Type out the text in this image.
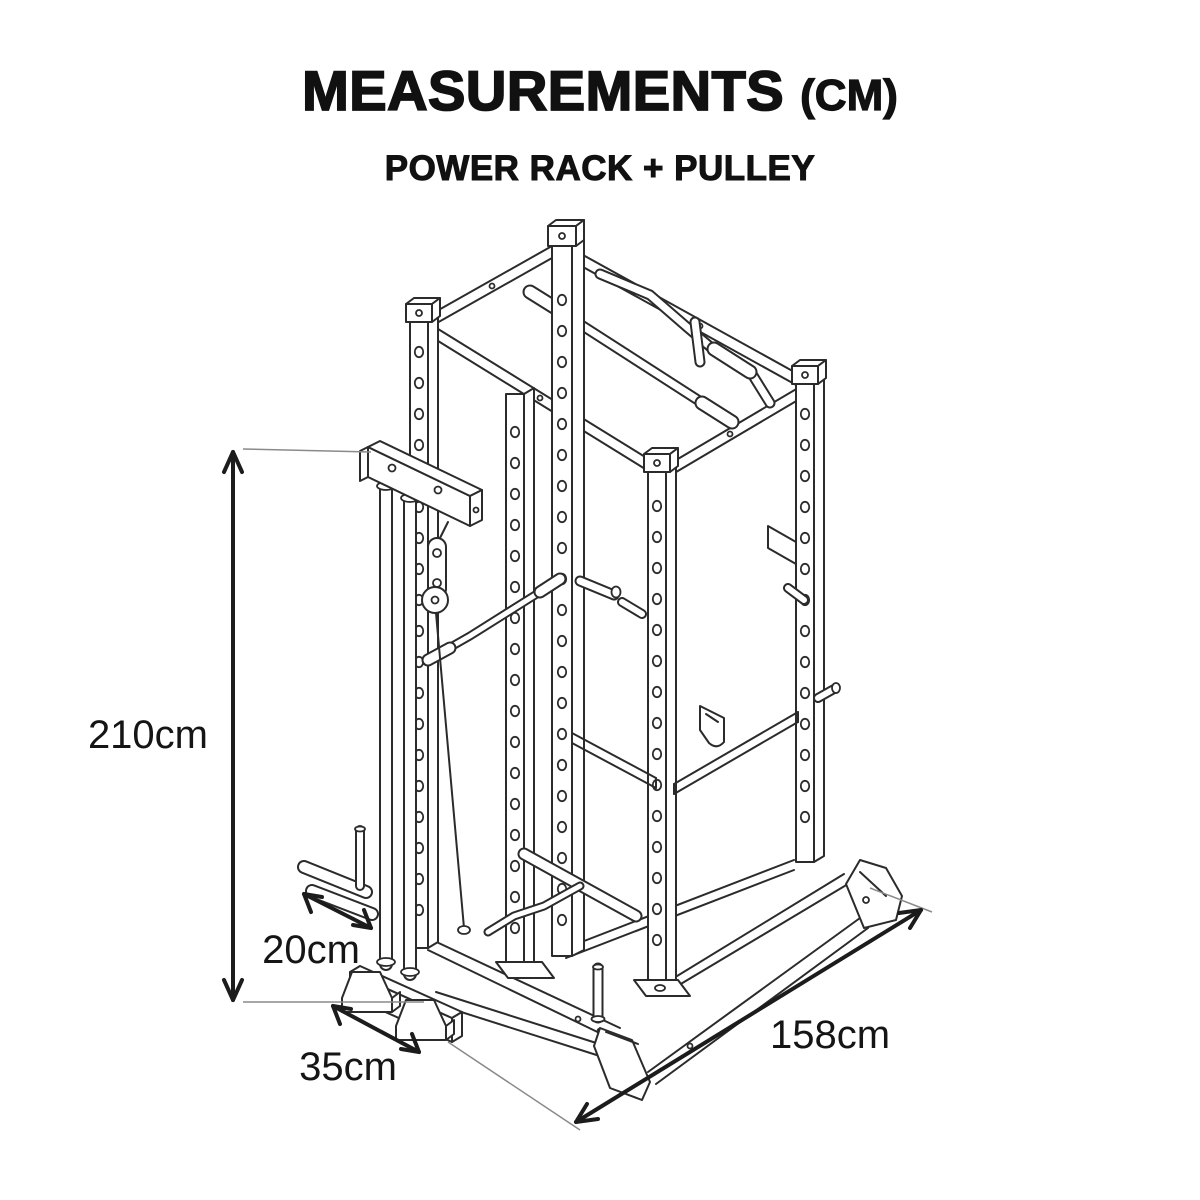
MEASUREMENTS (CM)
POWER RACK + PULLEY
210cm
20cm
35cm
158cm
